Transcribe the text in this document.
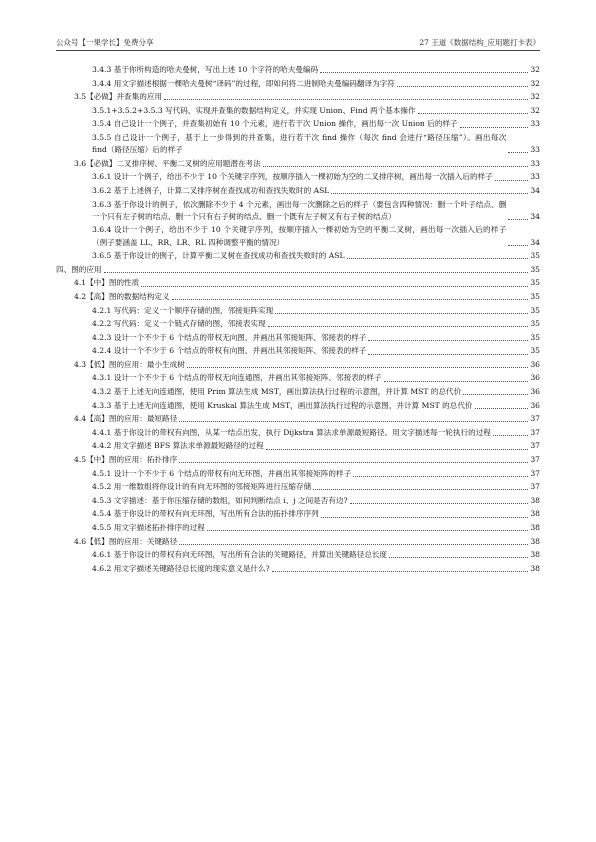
公众号【一果学长】免费分享	27 王道《数据结构_应用题打卡表》
3.4.3 基于你所构造的哈夫曼树，写出上述 10 个字符的哈夫曼编码	32
3.4.4 用文字描述根据一棵哈夫曼树“译码”的过程，即如何将二进制哈夫曼编码翻译为字符	32
3.5【必做】并查集的应用	32
3.5.1+3.5.2+3.5.3 写代码，实现并查集的数据结构定义，并实现 Union、Find 两个基本操作	32
3.5.4 自己设计一个例子，并查集初始有 10 个元素，进行若干次 Union 操作，画出每一次 Union 后的样子	33
3.5.5 自己设计一个例子，基于上一步得到的并查集，进行若干次 find 操作（每次 find 会进行“路径压缩”）。画出每次 find（路径压缩）后的样子	33
3.6【必做】二叉排序树、平衡二叉树的应用题潜在考法	33
3.6.1 设计一个例子，给出不少于 10 个关键字序列，按顺序插入一棵初始为空的二叉排序树，画出每一次插入后的样子	33
3.6.2 基于上述例子，计算二叉排序树在查找成功和查找失败时的 ASL	34
3.6.3 基于你设计的例子，依次删除不少于 4 个元素，画出每一次删除之后的样子（要包含四种情况：删一个叶子结点、删一个只有左子树的结点、删一个只有右子树的结点、删一个既有左子树又有右子树的结点）	34
3.6.4 设计一个例子，给出不少于 10 个关键字序列，按顺序插入一棵初始为空的平衡二叉树，画出每一次插入后的样子（例子要涵盖 LL、RR、LR、RL 四种调整平衡的情况）	34
3.6.5 基于你设计的例子，计算平衡二叉树在查找成功和查找失败时的 ASL	35
四、图的应用	35
4.1【中】图的性质	35
4.2【高】图的数据结构定义	35
4.2.1 写代码：定义一个顺序存储的图，邻接矩阵实现	35
4.2.2 写代码：定义一个链式存储的图，邻接表实现	35
4.2.3 设计一个不少于 6 个结点的带权无向图，并画出其邻接矩阵、邻接表的样子	35
4.2.4 设计一个不少于 6 个结点的带权有向图，并画出其邻接矩阵、邻接表的样子	35
4.3【低】图的应用：最小生成树	36
4.3.1 设计一个不少于 6 个结点的带权无向连通图，并画出其邻接矩阵、邻接表的样子	36
4.3.2 基于上述无向连通图，使用 Prim 算法生成 MST，画出算法执行过程的示意图，并计算 MST 的总代价	36
4.3.3 基于上述无向连通图，使用 Kruskal 算法生成 MST，画出算法执行过程的示意图，并计算 MST 的总代价	36
4.4【高】图的应用：最短路径	37
4.4.1 基于你设计的带权有向图，从某一结点出发，执行 Dijkstra 算法求单源最短路径。用文字描述每一轮执行的过程	37
4.4.2 用文字描述 BFS 算法求单源最短路径的过程	37
4.5【中】图的应用：拓扑排序	37
4.5.1 设计一个不少于 6 个结点的带权有向无环图，并画出其邻接矩阵的样子	37
4.5.2 用一维数组将你设计的有向无环图的邻接矩阵进行压缩存储	37
4.5.3 文字描述：基于你压缩存储的数组，如何判断结点 i、j 之间是否有边?	38
4.5.4 基于你设计的带权有向无环图，写出所有合法的拓扑排序序列	38
4.5.5 用文字描述拓扑排序的过程	38
4.6【低】图的应用：关键路径	38
4.6.1 基于你设计的带权有向无环图，写出所有合法的关键路径，并算出关键路径总长度	38
4.6.2 用文字描述关键路径总长度的现实意义是什么?	38
